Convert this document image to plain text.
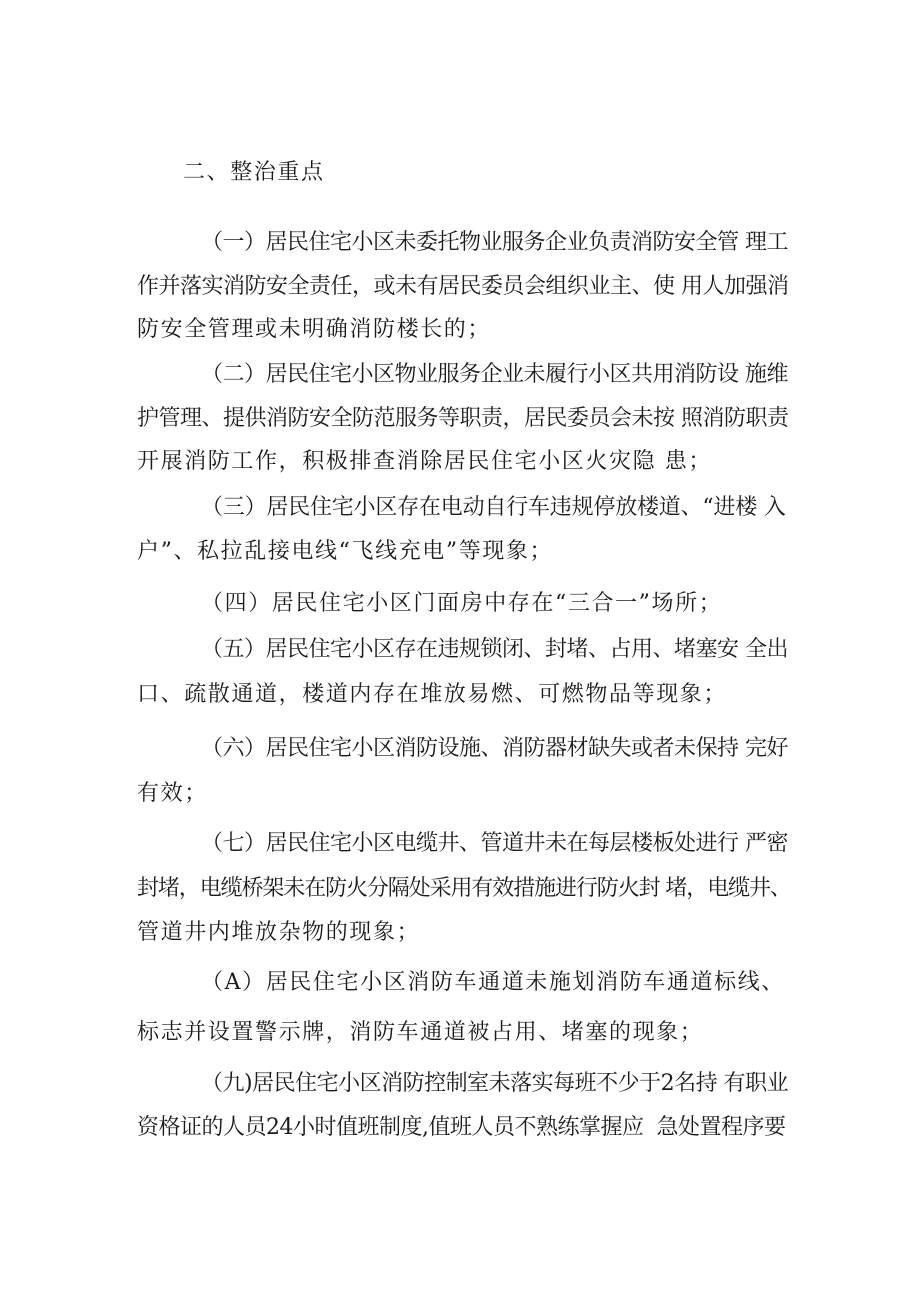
二、整治重点
（一）居民住宅小区未委托物业服务企业负责消防安全管 理工
作并落实消防安全责任，或未有居民委员会组织业主、使 用人加强消
防安全管理或未明确消防楼长的；
（二）居民住宅小区物业服务企业未履行小区共用消防设 施维
护管理、提供消防安全防范服务等职责，居民委员会未按 照消防职责
开展消防工作，积极排查消除居民住宅小区火灾隐 患；
（三）居民住宅小区存在电动自行车违规停放楼道、“进楼 入
户”、私拉乱接电线“飞线充电”等现象；
（四）居民住宅小区门面房中存在“三合一”场所；
（五）居民住宅小区存在违规锁闭、封堵、占用、堵塞安 全出
口、疏散通道，楼道内存在堆放易燃、可燃物品等现象；
（六）居民住宅小区消防设施、消防器材缺失或者未保持 完好
有效；
（七）居民住宅小区电缆井、管道井未在每层楼板处进行 严密
封堵，电缆桥架未在防火分隔处采用有效措施进行防火封 堵，电缆井、
管道井内堆放杂物的现象；
（A）居民住宅小区消防车通道未施划消防车通道标线、
标志并设置警示牌，消防车通道被占用、堵塞的现象；
（九)居民住宅小区消防控制室未落实每班不少于2名持 有职业
资格证的人员24小时值班制度,值班人员不熟练掌握应  急处置程序要
